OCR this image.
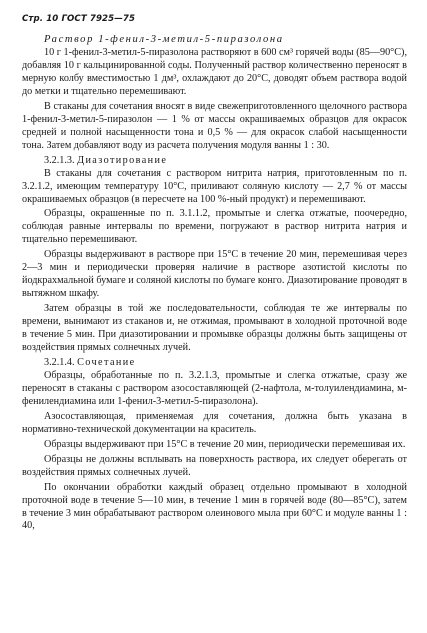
Стр. 10 ГОСТ 7925—75
Раствор 1-фенил-3-метил-5-пиразолона

10 г 1-фенил-3-метил-5-пиразолона растворяют в 600 см³ горячей воды (85—90°С), добавляя 10 г кальцинированной соды. Полученный раствор количественно переносят в мерную колбу вместимостью 1 дм³, охлаждают до 20°С, доводят объем раствора водой до метки и тщательно перемешивают.

В стаканы для сочетания вносят в виде свежеприготовленного щелочного раствора 1-фенил-3-метил-5-пиразолон — 1 % от массы окрашиваемых образцов для окрасок средней и полной насыщенности тона и 0,5 % — для окрасок слабой насыщенности тона. Затем добавляют воду из расчета получения модуля ванны 1 : 30.

3.2.1.3. Диазотирование

В стаканы для сочетания с раствором нитрита натрия, приготовленным по п. 3.2.1.2, имеющим температуру 10°С, приливают соляную кислоту — 2,7 % от массы окрашиваемых образцов (в пересчете на 100 %-ный продукт) и перемешивают.

Образцы, окрашенные по п. 3.1.1.2, промытые и слегка отжатые, поочередно, соблюдая равные интервалы по времени, погружают в раствор нитрита натрия и тщательно перемешивают.

Образцы выдерживают в растворе при 15°С в течение 20 мин, перемешивая через 2—3 мин и периодически проверяя наличие в растворе азотистой кислоты по йодкрахмальной бумаге и соляной кислоты по бумаге конго. Диазотирование проводят в вытяжном шкафу.

Затем образцы в той же последовательности, соблюдая те же интервалы по времени, вынимают из стаканов и, не отжимая, промывают в холодной проточной воде в течение 5 мин. При диазотировании и промывке образцы должны быть защищены от воздействия прямых солнечных лучей.

3.2.1.4. Сочетание

Образцы, обработанные по п. 3.2.1.3, промытые и слегка отжатые, сразу же переносят в стаканы с раствором азосоставляющей (2-нафтола, м-толуилендиамина, м-фенилендиамина или 1-фенил-3-метил-5-пиразолона).

Азосоставляющая, применяемая для сочетания, должна быть указана в нормативно-технической документации на краситель.

Образцы выдерживают при 15°С в течение 20 мин, периодически перемешивая их.

Образцы не должны всплывать на поверхность раствора, их следует оберегать от воздействия прямых солнечных лучей.

По окончании обработки каждый образец отдельно промывают в холодной проточной воде в течение 5—10 мин, в течение 1 мин в горячей воде (80—85°С), затем в течение 3 мин обрабатывают раствором олеинового мыла при 60°С и модуле ванны 1 : 40,
